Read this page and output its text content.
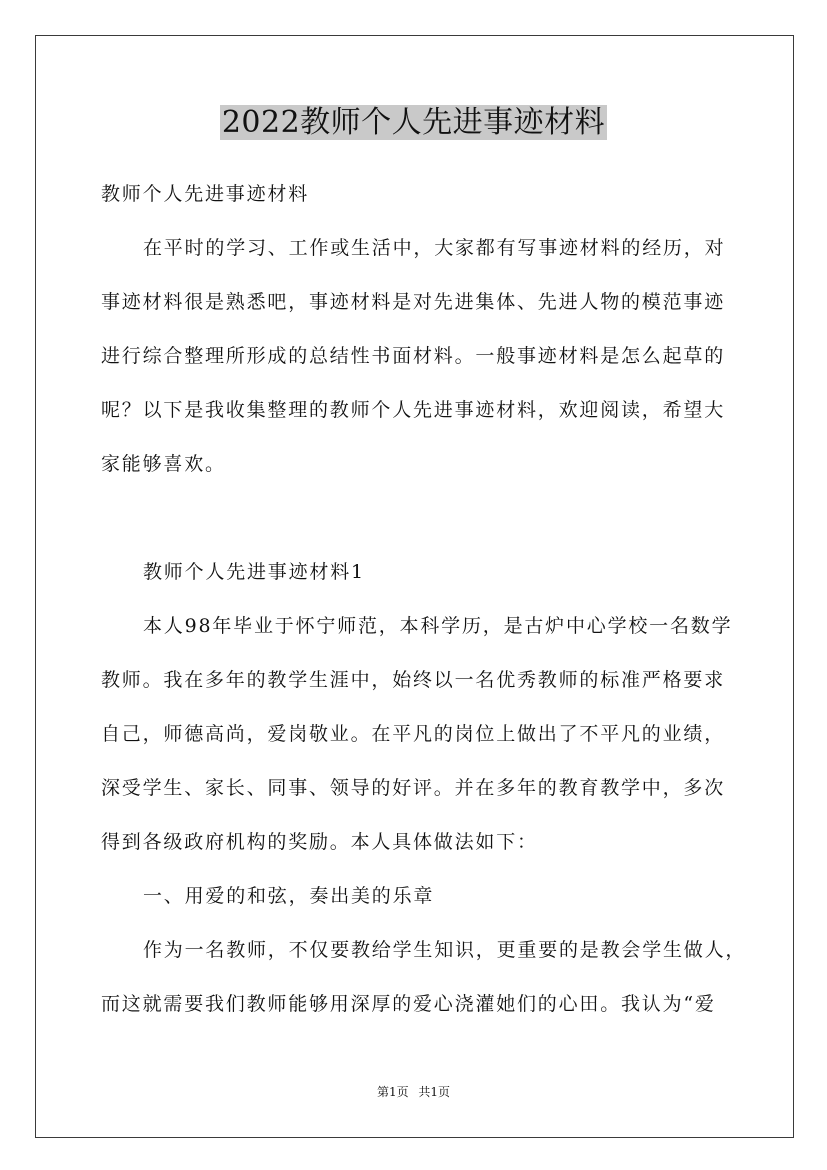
2022教师个人先进事迹材料
教师个人先进事迹材料
在平时的学习、工作或生活中，大家都有写事迹材料的经历，对
事迹材料很是熟悉吧，事迹材料是对先进集体、先进人物的模范事迹
进行综合整理所形成的总结性书面材料。一般事迹材料是怎么起草的
呢？以下是我收集整理的教师个人先进事迹材料，欢迎阅读，希望大
家能够喜欢。
教师个人先进事迹材料1
本人98年毕业于怀宁师范，本科学历，是古炉中心学校一名数学
教师。我在多年的教学生涯中，始终以一名优秀教师的标准严格要求
自己，师德高尚，爱岗敬业。在平凡的岗位上做出了不平凡的业绩，
深受学生、家长、同事、领导的好评。并在多年的教育教学中，多次
得到各级政府机构的奖励。本人具体做法如下：
一、用爱的和弦，奏出美的乐章
作为一名教师，不仅要教给学生知识，更重要的是教会学生做人，
而这就需要我们教师能够用深厚的爱心浇灌她们的心田。我认为“爱
第1页 共1页
